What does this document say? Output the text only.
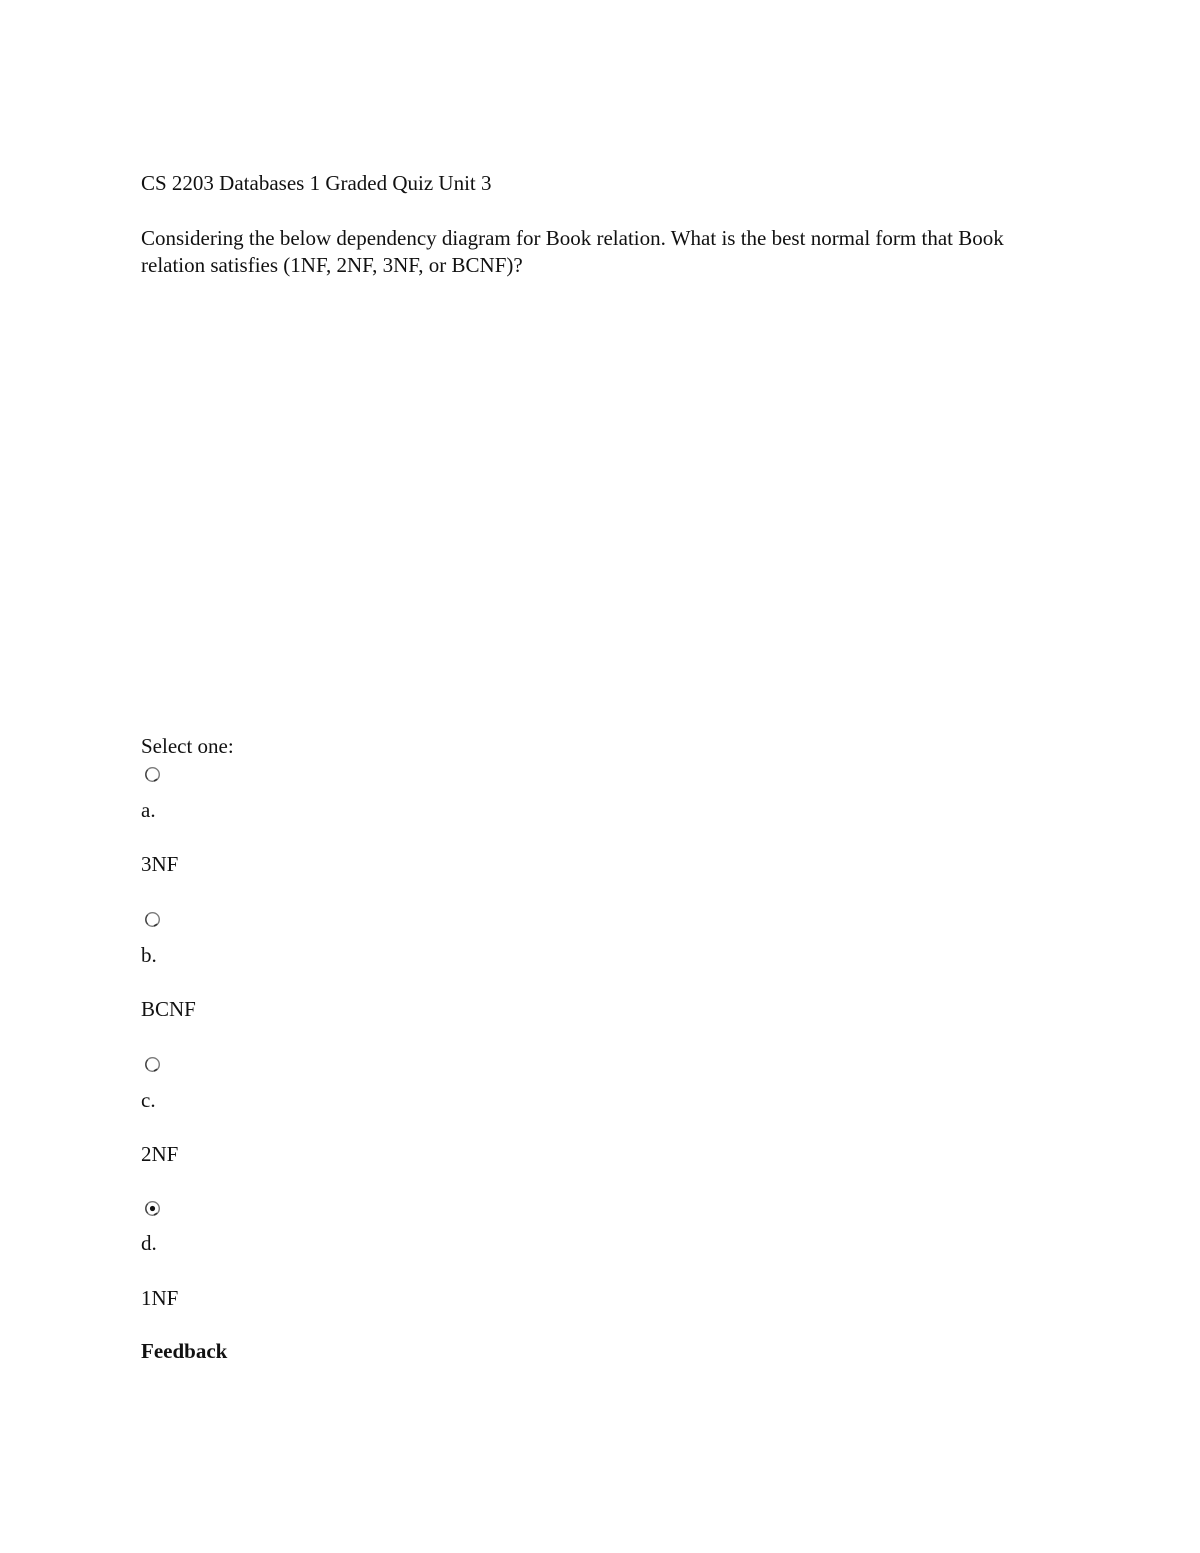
CS 2203 Databases 1 Graded Quiz Unit 3
Considering the below dependency diagram for Book relation. What is the best normal form that Book relation satisfies (1NF, 2NF, 3NF, or BCNF)?
Select one:
a.
3NF
b.
BCNF
c.
2NF
d.
1NF
Feedback
